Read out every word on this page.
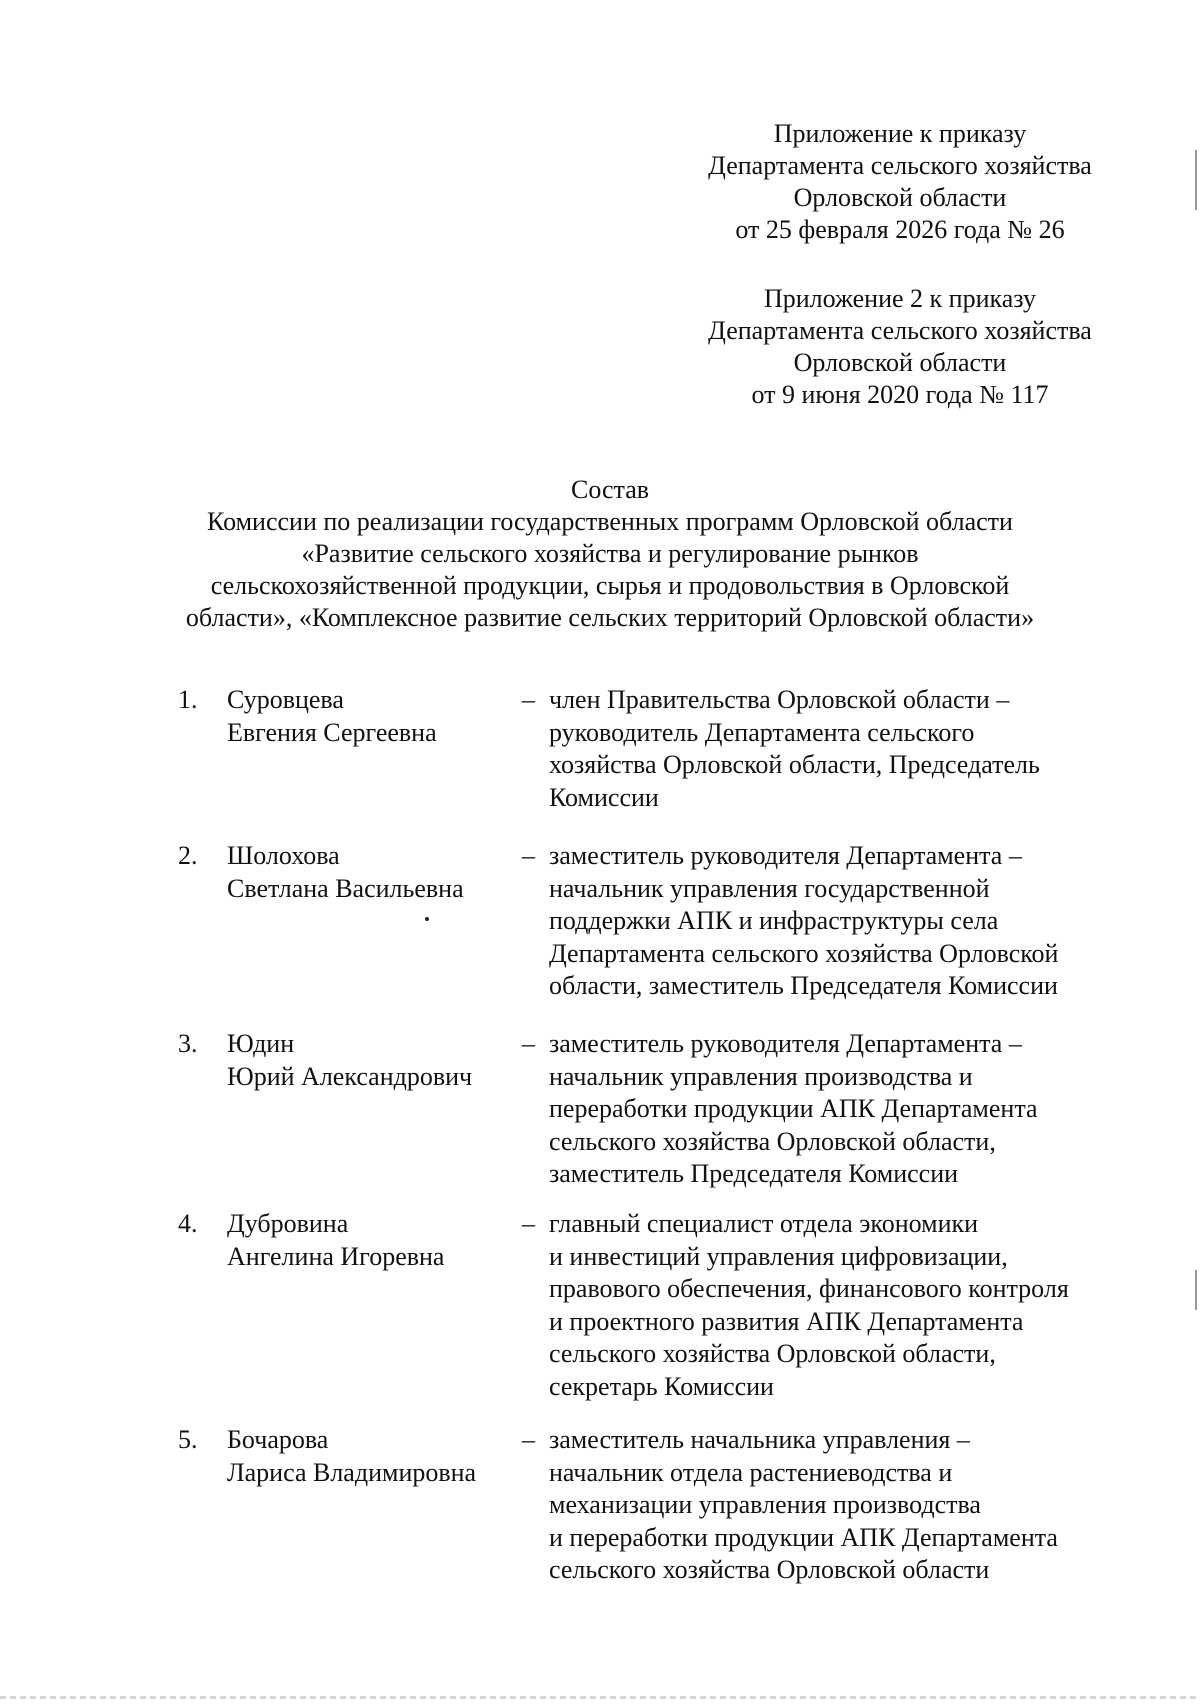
Приложение к приказу
Департамента сельского хозяйства
Орловской области
от 25 февраля 2026 года № 26
Приложение 2 к приказу
Департамента сельского хозяйства
Орловской области
от 9 июня 2020 года № 117
Состав
Комиссии по реализации государственных программ Орловской области
«Развитие сельского хозяйства и регулирование рынков
сельскохозяйственной продукции, сырья и продовольствия в Орловской
области», «Комплексное развитие сельских территорий Орловской области»
1. Суровцева
Евгения Сергеевна
– член Правительства Орловской области –
руководитель Департамента сельского
хозяйства Орловской области, Председатель
Комиссии
2. Шолохова
Светлана Васильевна
– заместитель руководителя Департамента –
начальник управления государственной
поддержки АПК и инфраструктуры села
Департамента сельского хозяйства Орловской
области, заместитель Председателя Комиссии
3. Юдин
Юрий Александрович
– заместитель руководителя Департамента –
начальник управления производства и
переработки продукции АПК Департамента
сельского хозяйства Орловской области,
заместитель Председателя Комиссии
4. Дубровина
Ангелина Игоревна
– главный специалист отдела экономики
и инвестиций управления цифровизации,
правового обеспечения, финансового контроля
и проектного развития АПК Департамента
сельского хозяйства Орловской области,
секретарь Комиссии
5. Бочарова
Лариса Владимировна
– заместитель начальника управления –
начальник отдела растениеводства и
механизации управления производства
и переработки продукции АПК Департамента
сельского хозяйства Орловской области
